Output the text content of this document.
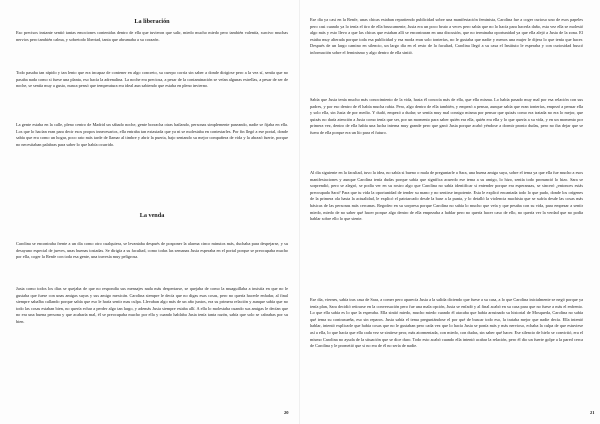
La liberación

Eso precisos instante sentió tantas emociones contenidas dentro de ella que tuvieron que salir, miedo mucho miedo pero también valentía, surcivo muchas nervios pero también calma, y sobretodo libertad, tanta que abrumaba a su corazón.

Todo pasaba tan rápido y tan lento que era incapaz de contener en algo concreto, su cuerpo corría sin saber a donde dirigirse pero a la vez sí, sentía que no pasaba nada como si fuese una planta, eso hacía la adrenalina. La noche era preciosa, a pesar de la contaminación se veían algunas estrellas, a pesar de ser de noche, se sentía muy a gusto, nunca pensó que temperatura era ideal aun sabiendo que estaba en pleno invierno.

La gente estaba en la calle, pleno centro de Madrid un sábado noche, gente borracha otras bailando, personas simplemente paseando, nadie se fijaba en ella. Los que lo hacían eran para decir esos propos innecesarios, ella entraba tan extasiada que ya ni se molestaba en contestarles. Por fin llegó a ese portal, donde sabía que era como un hogar, poco rato más tarde de llamar al timbre y abrir la puerta, bajo sentando su mejor compañera de vida y la abrazó fuerte, porque no necesitaban palabras para saber lo que había ocurrido.

La venda

Carolina se encontraba frente a un día como otro cualquiera, se levantaba después de posponer la alarma cinco minutos más, duchaba para despejarse, y su desayuno especial de jueves, unas buenas tostadas. Se dirigía a su facultad, como todas las semanas Jusia esperaba en el portal porque se preocupaba mucho por ella, coger la Renfe con toda esa gente, una travesía muy peligrosa.

Jusia como todos los días se quejaba de que no respondía sus mensajes nada más despertarse, se quejaba de como la muaguillaba a insistía en que no le gustaba que fuese con unas amigas suyas y sus amigo mexicán. Carolina siempre le decía que no digas esas cosas, pero no quería hacerle enfadar, al final siempre sabalba callando porque sabía que eso le haría sentir mas culpa. Llevaban algo más de un año juntos, era su primera relación y aunque sabía que no todo las cosas estaban bien, no quería echar a perder algo tan largo, y además Jusia siempre estaba allí. A ella lo molestaba cuando sus amigas le decían que no era una buena persona y que acabaría mal, él se preocupaba mucho por ella y cuando hablaba Jusia tenía tanta razón, sabía que solo se cabrabas por su bien.

20

Ese día ya casi en la Renfe, unas chicas estaban repartiendo publicidad sobre una manifestación feminista, Carolina fue a coger curioso uno de esos papeles pero casi cuando ya lo tenía el tiro de ella bruscamente, Jusia era un poco bruto a veces pero sabía que no lo hacía para hacerla daño, esta vez ella se molestó algo más y esto llevo a que las chicas que estaban allí se encontraran en una discusión, que no terminaba oportunidad ya que ella alejó a Jusia de la zona. El estaba muy alterada porque toda esa publicidad y esa moda eran solo tonterías, no le gustaba que nadie y menos una mujer le dijera lo que tenía que hacer. Después de un largo camino en silencio, un largo día en el resto de la facultad, Carolina llegó a su casa el Instituto le esperaba y con curiosidad buscó información sobre el feminismo y algo dentro de ella sintió.

Sabía que Jusia tenía mucho más conocimiento de la vida, hasta él conocía más de ella, que ella misma. Lo había pasado muy mal por esa relación con sus padres, y por eso dentro de él había mucha rabia. Pero, algo dentro de ella también, y empezó a pensar, aunque sabía que eran tonterías, empezó a pensar ella y solo ella, sin Jusia de por medio. Y dudó, empezó a dudar; se sentía muy mal consigo misma por pensar que quizás como era tratada no era lo mejor, que quizás no daría atención a Jusia como tenía que ser, por un momento para saber quién era ella, quién era ella y lo que quería a su vida, y en un momento por primera vez, dentro de ella había una lucha interna muy grande pero que ganó Jusia porque acabó yéndose a dormir pronto dudas, pero no iba dejar que se fuera de ella porque era un lío para el futuro.

Al día siguiente en la facultad, tuvo la idea, no sabía si bueno o mala de preguntarle a Sara, una buena amiga suya, sobre el tema ya que ella fue mucho a esos manifestaciones y aunque Carolina tenía dudas porque sabía que significa acuerdo ese tema a su amigo, lo hizo, sentía todo pronunció lo hizo. Sara se sorprendió, pero se alegró, se podía ver en su rostro algo que Carolina no sabía identificar si entender porque era esperanzas, se sinceró ¿entonces estás preocupada Sara? Para que tu vida la oportunidad de tender su mano y no sentirse impotente. Esta le explicó encantada todo lo que pudo, donde los orígenes de la primera ola hasta la actualidad, le explicó el patriarcado desde la base a la punta, y lo detalló la violencia machista que se sufría desde las cosas más básicas de las personas más cercanas. Regodeo en su sorpresa porque Carolina no sabía lo mucho que veía y que pesaba con su vida, para empezar a sentir miedo, miedo de no saber qué hacer porque algo dentro de ella empezaba a hablar pero no quería hacer caso de ello, no quería ver la verdad que no podía hablar sobre ello lo que siente.

Ese día, viernes, sabía tras casa de Sara, a comer pero aparecía Jusia a la salida diciendo que fuese a su casa, a lo que Carolina inicialmente se negó porque ya tenía plan, Sara decidió retirarse en la conversación pero fue una mala opción, Jusia se enfadó y al final acabó en su casa para que no fuese a más el enfrento. Lo que ella sabía es lo que la esperaba. Ella sintió miedo, mucho miedo cuando él atacaba que había arruinado su historial de Mosqueda, Carolina no sabía qué tema su contrasueña, eso sin reparos. Jusia sabía el tema preguntándose el por qué de buscar todo eso, la trataba mejor que nadie decía. Ella intentó hablar, intentó explicarle que había cosas que no le gustaban pero cada vez que lo hacía Jusia se ponía más y más nervioso, echaba la culpa de que estuviese así a ella, lo que hacía que ella cada vez se sintiese peor, más atormentada, con miedo, con dudas, sin saber qué hacer. Ese silencio de hielo se convirtió, era el mismo Carolina no ayuda de la situación que se dice duro. Todo esto acabó cuando ella intentó acabar la relación, pero él dio un fuerte golpe a la pared cerca de Carolina y le prometió que si no era de él no sería de nadie.

21
